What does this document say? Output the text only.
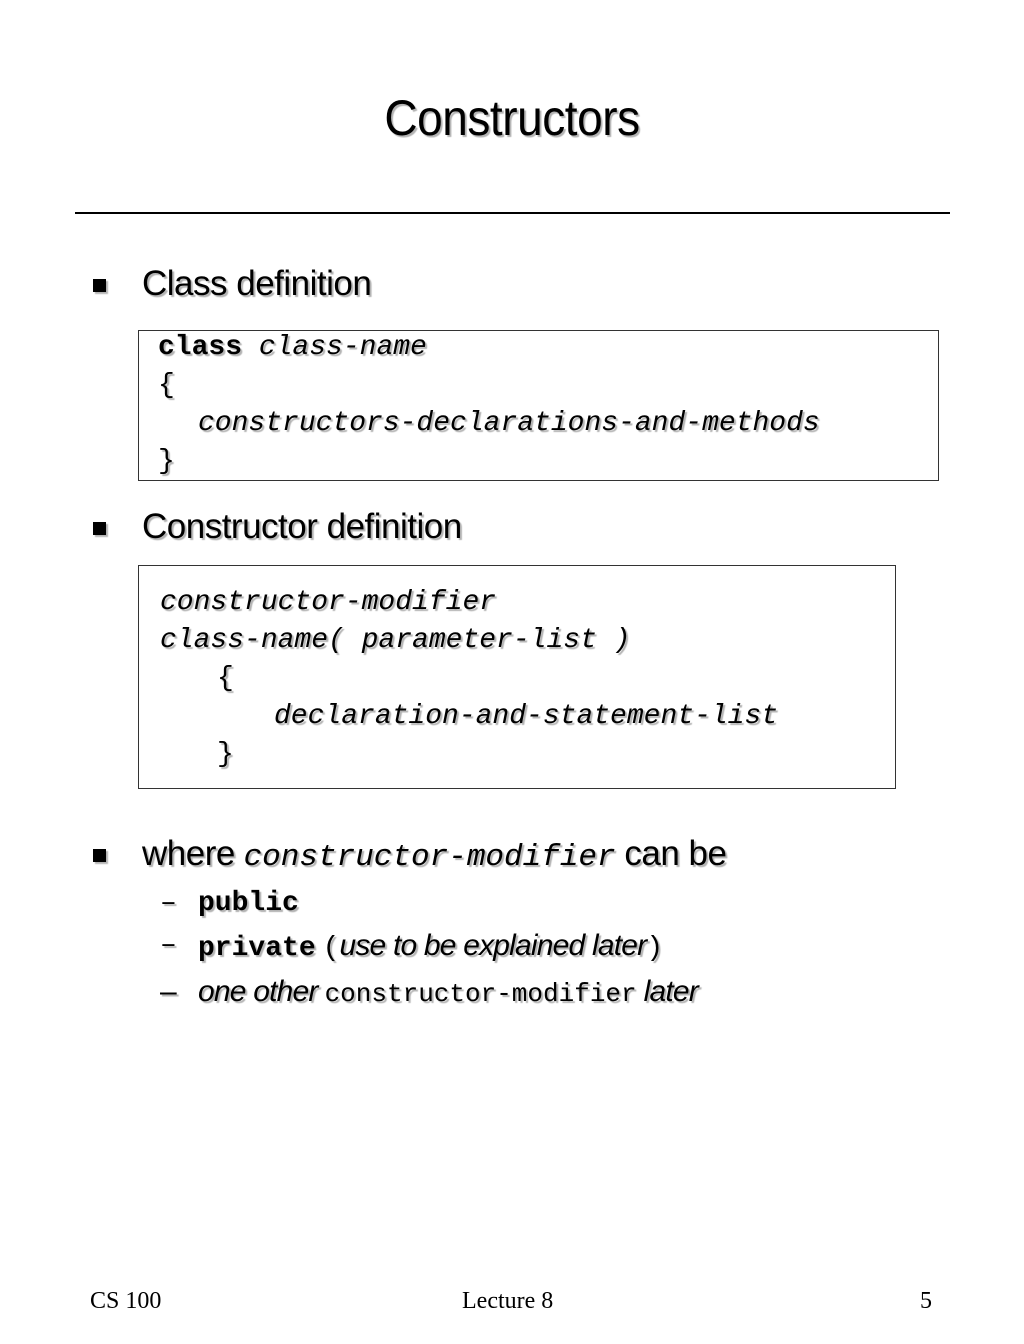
Constructors
Class definition
class class-name
{
constructors-declarations-and-methods
}
Constructor definition
constructor-modifier
class-name( parameter-list )
{
declaration-and-statement-list
}
where constructor-modifier can be
– public
– private (use to be explained later)
– one other constructor-modifier later
CS 100	Lecture 8	5
